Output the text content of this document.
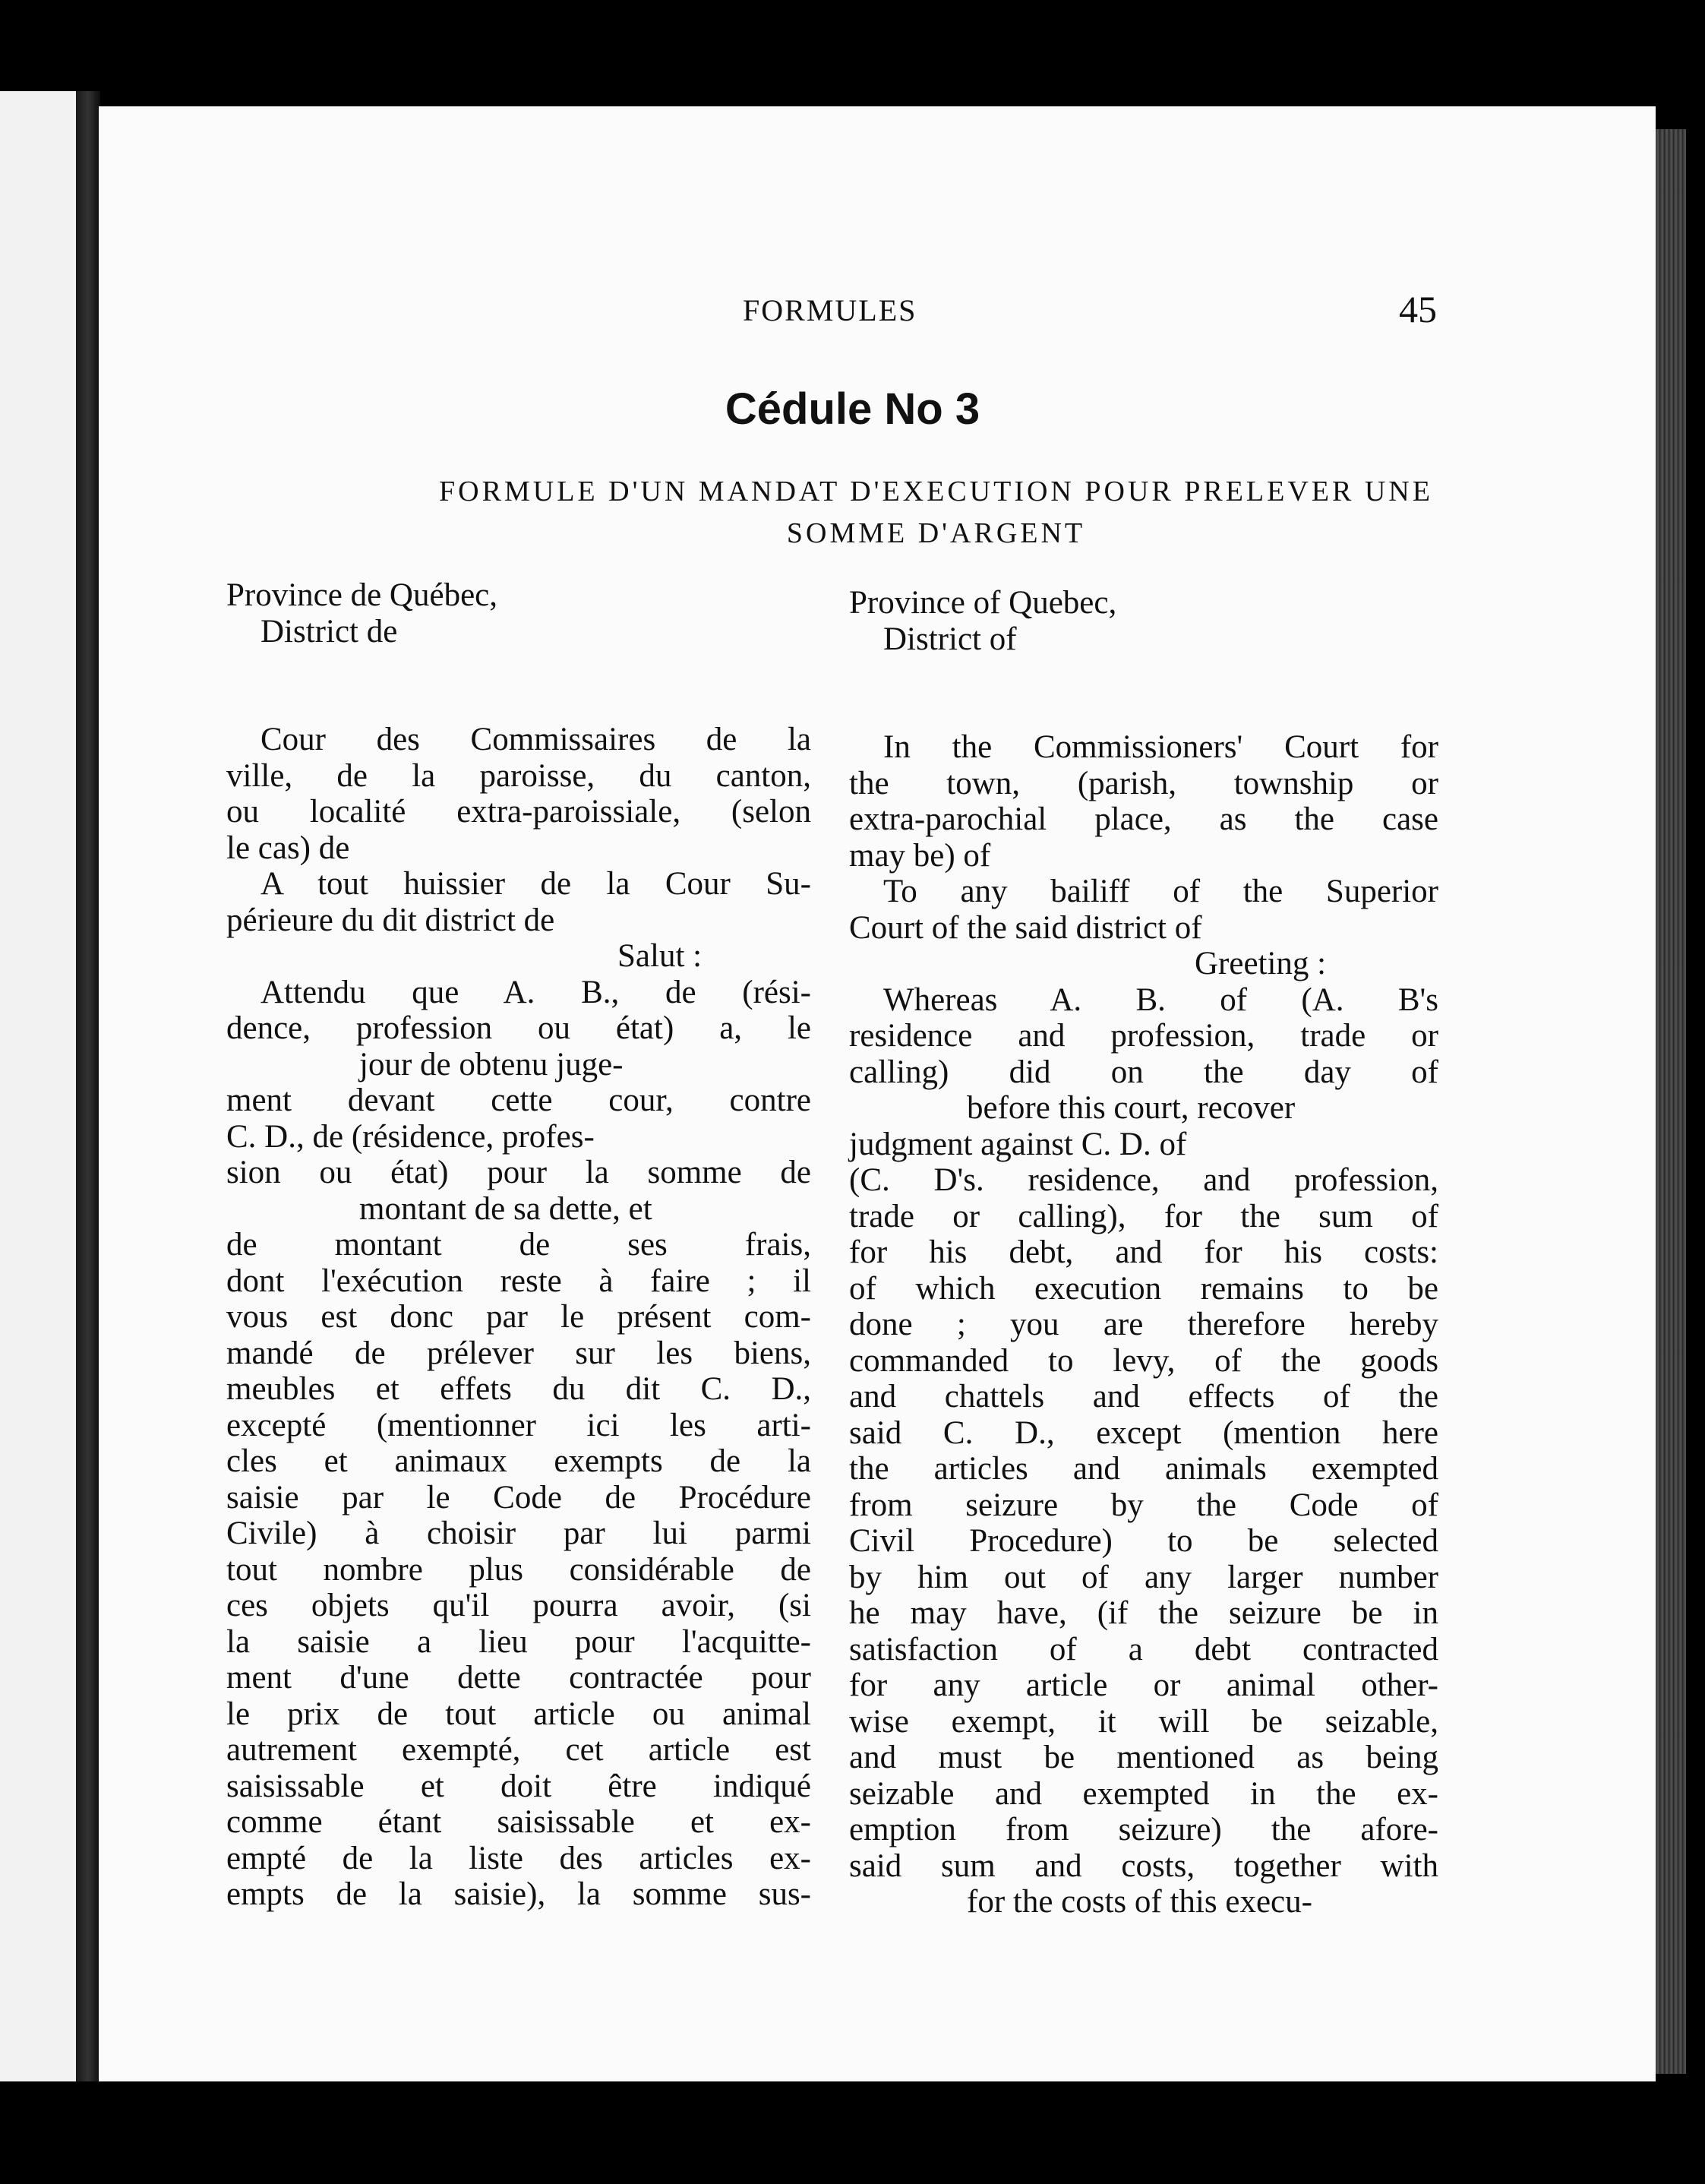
FORMULES	45
Cédule No 3
FORMULE D'UN MANDAT D'EXECUTION POUR PRELEVER UNE
SOMME D'ARGENT
Province de Québec,
District de
Cour des Commissaires de la
ville, de la paroisse, du canton,
ou localité extra-paroissiale, (selon
le cas) de
A tout huissier de la Cour Su-
périeure du dit district de
Salut :
Attendu que A. B., de (rési-
dence, profession ou état) a, le
jour de obtenu juge-
ment devant cette cour, contre
C. D., de (résidence, profes-
sion ou état) pour la somme de
montant de sa dette, et
de montant de ses frais,
dont l'exécution reste à faire ; il
vous est donc par le présent com-
mandé de prélever sur les biens,
meubles et effets du dit C. D.,
excepté (mentionner ici les arti-
cles et animaux exempts de la
saisie par le Code de Procédure
Civile) à choisir par lui parmi
tout nombre plus considérable de
ces objets qu'il pourra avoir, (si
la saisie a lieu pour l'acquitte-
ment d'une dette contractée pour
le prix de tout article ou animal
autrement exempté, cet article est
saisissable et doit être indiqué
comme étant saisissable et ex-
empté de la liste des articles ex-
empts de la saisie), la somme sus-
Province of Quebec,
District of
In the Commissioners' Court for
the town, (parish, township or
extra-parochial place, as the case
may be) of
To any bailiff of the Superior
Court of the said district of
Greeting :
Whereas A. B. of (A. B's
residence and profession, trade or
calling) did on the day of
before this court, recover
judgment against C. D. of
(C. D's. residence, and profession,
trade or calling), for the sum of
for his debt, and for his costs:
of which execution remains to be
done ; you are therefore hereby
commanded to levy, of the goods
and chattels and effects of the
said C. D., except (mention here
the articles and animals exempted
from seizure by the Code of
Civil Procedure) to be selected
by him out of any larger number
he may have, (if the seizure be in
satisfaction of a debt contracted
for any article or animal other-
wise exempt, it will be seizable,
and must be mentioned as being
seizable and exempted in the ex-
emption from seizure) the afore-
said sum and costs, together with
for the costs of this execu-
